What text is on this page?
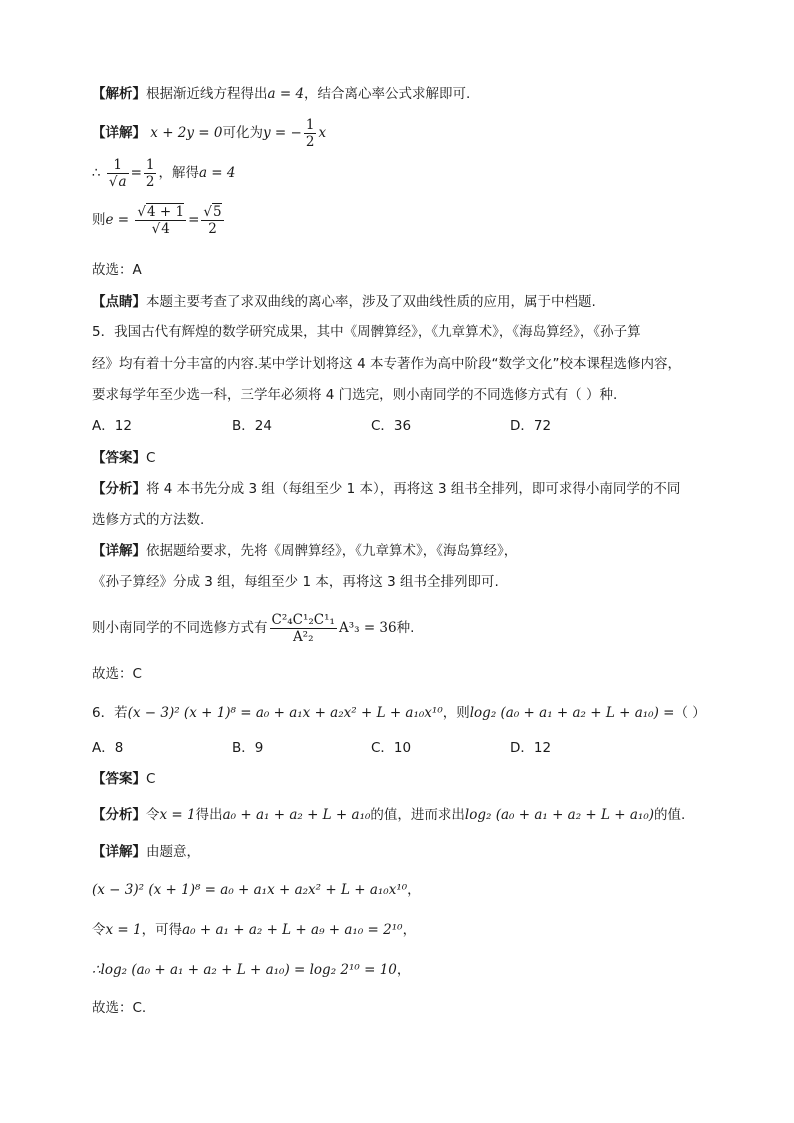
【解析】根据渐近线方程得出a = 4，结合离心率公式求解即可.
【详解】 x + 2y = 0可化为y = − $\frac{1}{2}$ x
∴ $\frac{1}{√a} = \frac{1}{2}$ ，解得a = 4
则$e = \frac{√4 + 1}{√4} = \frac{√5}{2}$
故选：A
【点睛】本题主要考查了求双曲线的离心率，涉及了双曲线性质的应用，属于中档题.
5．我国古代有辉煌的数学研究成果，其中《周髀算经》，《九章算术》，《海岛算经》，《孙子算
经》均有着十分丰富的内容.某中学计划将这 4 本专著作为高中阶段“数学文化”校本课程选修内容，
要求每学年至少选一科，三学年必须将 4 门选完，则小南同学的不同选修方式有（ ）种.
A．12	B．24	C．36	D．72
【答案】C
【分析】将 4 本书先分成 3 组（每组至少 1 本），再将这 3 组书全排列，即可求得小南同学的不同
选修方式的方法数.
【详解】依据题给要求，先将《周髀算经》，《九章算术》，《海岛算经》，
《孙子算经》分成 3 组，每组至少 1 本，再将这 3 组书全排列即可.
则小南同学的不同选修方式有 $\frac{\text{C²₄C¹₂C¹₁}}{\text{A²₂}} A^3_3 = 36$种.
故选：C
6．若(x − 3)² (x + 1)⁸ = a₀ + a₁x + a₂x² + L + a₁₀x¹⁰，则log₂ (a₀ + a₁ + a₂ + L + a₁₀) =（ ）
A．8	B．9	C．10	D．12
【答案】C
【分析】令x = 1得出a₀ + a₁ + a₂ + L + a₁₀的值，进而求出log₂ (a₀ + a₁ + a₂ + L + a₁₀)的值.
【详解】由题意，
(x − 3)² (x + 1)⁸ = a₀ + a₁x + a₂x² + L + a₁₀x¹⁰，
令x = 1，可得a₀ + a₁ + a₂ + L + a₉ + a₁₀ = 2¹⁰，
∴log₂ (a₀ + a₁ + a₂ + L + a₁₀) = log₂ 2¹⁰ = 10，
故选：C.
